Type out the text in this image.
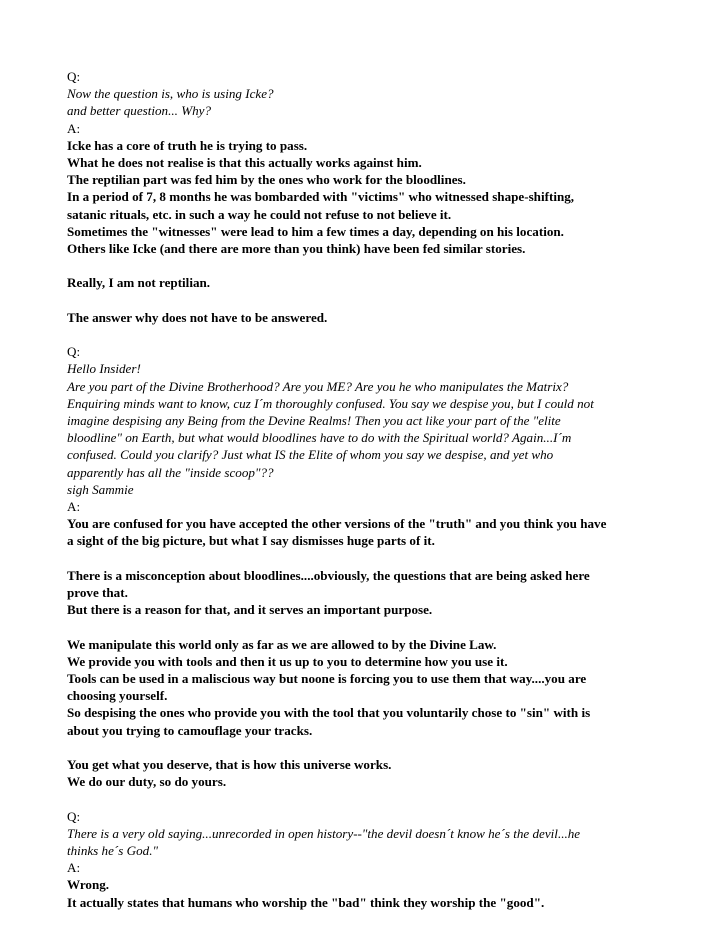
Q:
Now the question is, who is using Icke?
and better question... Why?
A:
Icke has a core of truth he is trying to pass.
What he does not realise is that this actually works against him.
The reptilian part was fed him by the ones who work for the bloodlines.
In a period of 7, 8 months he was bombarded with "victims" who witnessed shape-shifting,
satanic rituals, etc. in such a way he could not refuse to not believe it.
Sometimes the "witnesses" were lead to him a few times a day, depending on his location.
Others like Icke (and there are more than you think) have been fed similar stories.
Really, I am not reptilian.
The answer why does not have to be answered.
Q:
Hello Insider!
Are you part of the Divine Brotherhood? Are you ME? Are you he who manipulates the Matrix?
Enquiring minds want to know, cuz I´m thoroughly confused. You say we despise you, but I could not
imagine despising any Being from the Devine Realms! Then you act like your part of the "elite
bloodline" on Earth, but what would bloodlines have to do with the Spiritual world? Again...I´m
confused. Could you clarify? Just what IS the Elite of whom you say we despise, and yet who
apparently has all the "inside scoop"??
sigh Sammie
A:
You are confused for you have accepted the other versions of the "truth" and you think you have
a sight of the big picture, but what I say dismisses huge parts of it.
There is a misconception about bloodlines....obviously, the questions that are being asked here
prove that.
But there is a reason for that, and it serves an important purpose.
We manipulate this world only as far as we are allowed to by the Divine Law.
We provide you with tools and then it us up to you to determine how you use it.
Tools can be used in a maliscious way but noone is forcing you to use them that way....you are
choosing yourself.
So despising the ones who provide you with the tool that you voluntarily chose to "sin" with is
about you trying to camouflage your tracks.
You get what you deserve, that is how this universe works.
We do our duty, so do yours.
Q:
There is a very old saying...unrecorded in open history--"the devil doesn´t know he´s the devil...he
thinks he´s God."
A:
Wrong.
It actually states that humans who worship the "bad" think they worship the "good".
